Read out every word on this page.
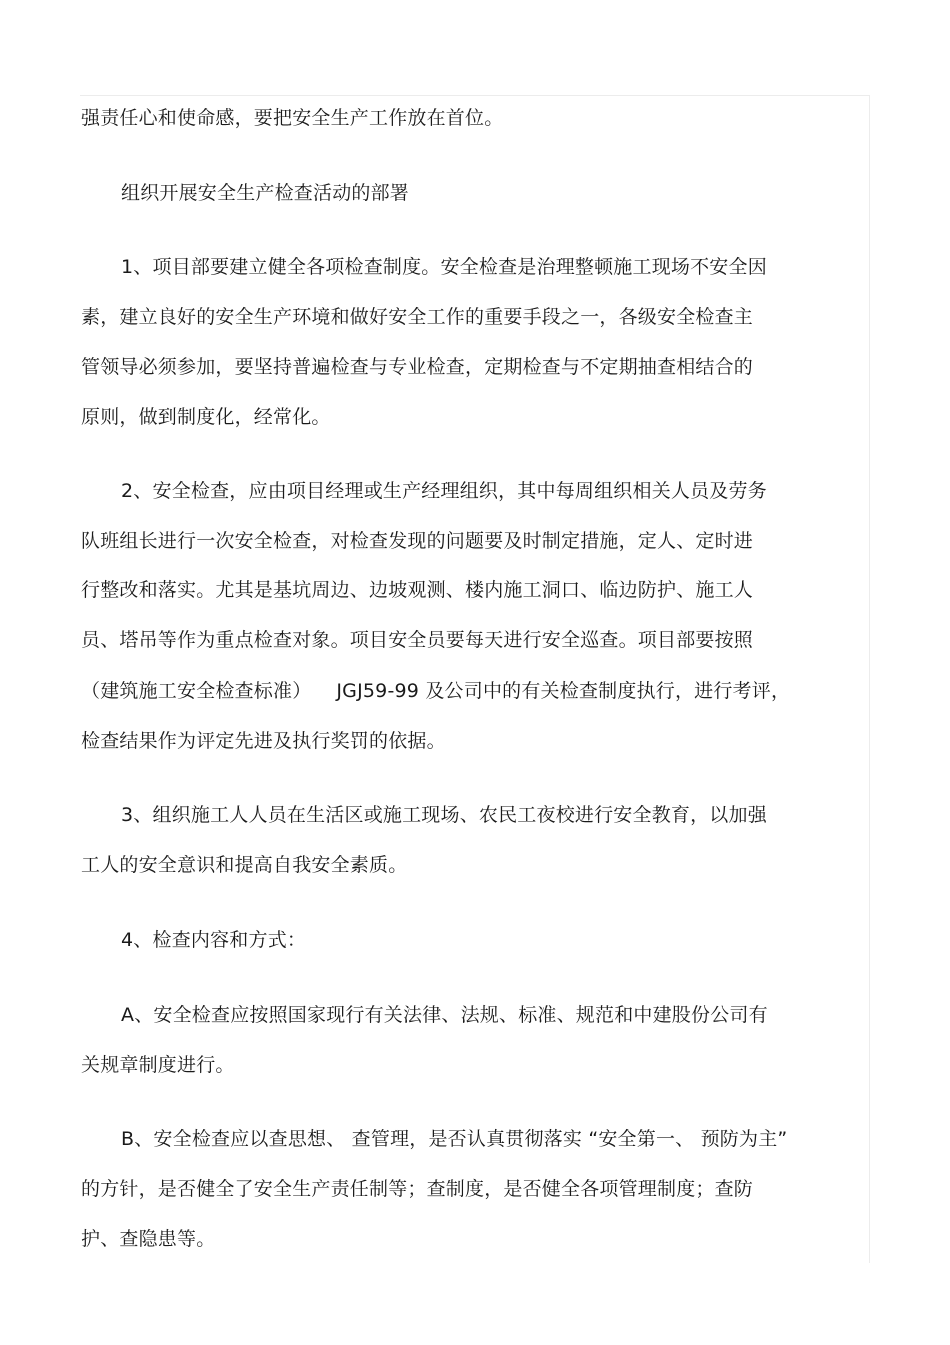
强责任心和使命感，要把安全生产工作放在首位。
组织开展安全生产检查活动的部署
1、项目部要建立健全各项检查制度。安全检查是治理整顿施工现场不安全因
素，建立良好的安全生产环境和做好安全工作的重要手段之一，各级安全检查主
管领导必须参加，要坚持普遍检查与专业检查，定期检查与不定期抽查相结合的
原则，做到制度化，经常化。
2、安全检查，应由项目经理或生产经理组织，其中每周组织相关人员及劳务
队班组长进行一次安全检查，对检查发现的问题要及时制定措施，定人、定时进
行整改和落实。尤其是基坑周边、边坡观测、楼内施工洞口、临边防护、施工人
员、塔吊等作为重点检查对象。项目安全员要每天进行安全巡查。项目部要按照
（建筑施工安全检查标准）    JGJ59-99 及公司中的有关检查制度执行，进行考评，
检查结果作为评定先进及执行奖罚的依据。
3、组织施工人人员在生活区或施工现场、农民工夜校进行安全教育，以加强
工人的安全意识和提高自我安全素质。
4、检查内容和方式：
A、安全检查应按照国家现行有关法律、法规、标准、规范和中建股份公司有
关规章制度进行。
B、安全检查应以查思想、 查管理，是否认真贯彻落实 “安全第一、 预防为主”
的方针，是否健全了安全生产责任制等；查制度，是否健全各项管理制度；查防
护、查隐患等。
